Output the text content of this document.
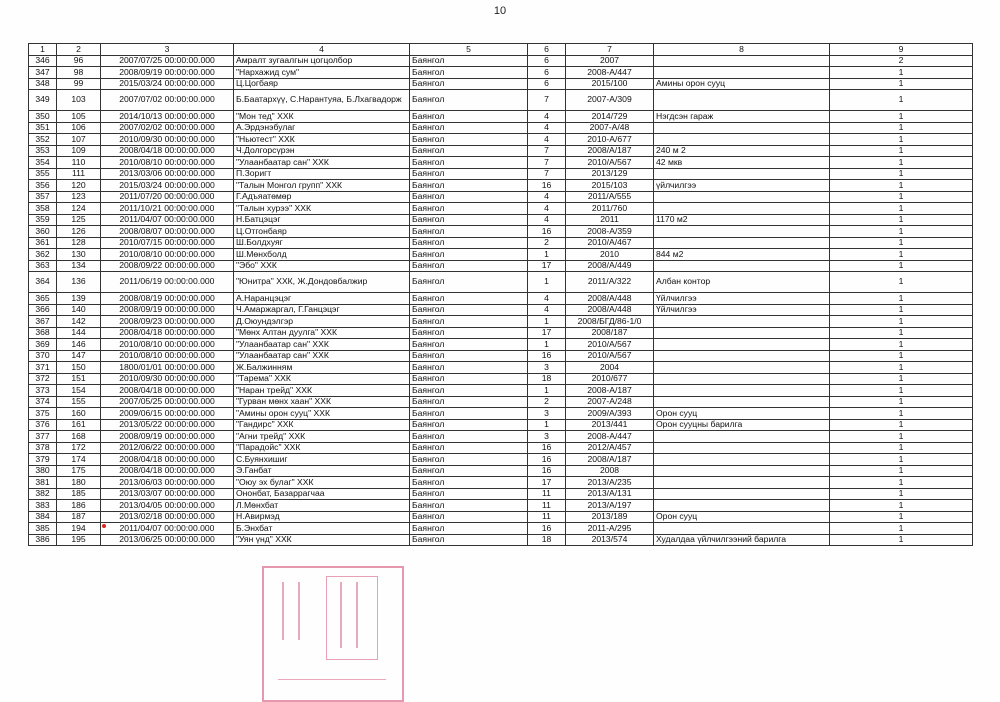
10
1	2	3	4	5	6	7	8	9
346	96	2007/07/25 00:00:00.000	Амралт зугаалгын цогцолбор	Баянгол	6	2007		2
347	98	2008/09/19 00:00:00.000	"Нархажид сум"	Баянгол	6	2008-А/447		1
348	99	2015/03/24 00:00:00.000	Ц.Цогбаяр	Баянгол	6	2015/100	Амины орон сууц	1
349	103	2007/07/02 00:00:00.000	Б.Баатархүү, С.Нарантуяа, Б.Лхагвадорж	Баянгол	7	2007-А/309		1
350	105	2014/10/13 00:00:00.000	"Мон тед" ХХК	Баянгол	4	2014/729	Нэгдсэн гараж	1
351	106	2007/02/02 00:00:00.000	А.Эрдэнэбулаг	Баянгол	4	2007-А/48		1
352	107	2010/09/30 00:00:00.000	"Ньютест" ХХК	Баянгол	4	2010-А/677		1
353	109	2008/04/18 00:00:00.000	Ч.Долгорсүрэн	Баянгол	7	2008/А/187	240 м 2	1
354	110	2010/08/10 00:00:00.000	"Улаанбаатар сан" ХХК	Баянгол	7	2010/А/567	42 мкв	1
355	111	2013/03/06 00:00:00.000	П.Зоригт	Баянгол	7	2013/129		1
356	120	2015/03/24 00:00:00.000	"Талын Монгол групп" ХХК	Баянгол	16	2015/103	үйлчилгээ	1
357	123	2011/07/20 00:00:00.000	Г.Адъяатөмөр	Баянгол	4	2011/А/555		1
358	124	2011/10/21 00:00:00.000	"Талын хурээ" ХХК	Баянгол	4	2011/760		1
359	125	2011/04/07 00:00:00.000	Н.Батцэцэг	Баянгол	4	2011	1170 м2	1
360	126	2008/08/07 00:00:00.000	Ц.Отгонбаяр	Баянгол	16	2008-А/359		1
361	128	2010/07/15 00:00:00.000	Ш.Болдхуяг	Баянгол	2	2010/А/467		1
362	130	2010/08/10 00:00:00.000	Ш.Мөнхболд	Баянгол	1	2010	844 м2	1
363	134	2008/09/22 00:00:00.000	"Эбо" ХХК	Баянгол	17	2008/А/449		1
364	136	2011/06/19 00:00:00.000	"Юнитра" ХХК, Ж.Дондовбалжир	Баянгол	1	2011/А/322	Албан контор	1
365	139	2008/08/19 00:00:00.000	А.Наранцэцэг	Баянгол	4	2008/А/448	Үйлчилгээ	1
366	140	2008/09/19 00:00:00.000	Ч.Амаржаргал, Г.Ганцэцэг	Баянгол	4	2008/А/448	Үйлчилгээ	1
367	142	2008/09/23 00:00:00.000	Д.Оюундэлгэр	Баянгол	1	2008/БГД/86-1/0		1
368	144	2008/04/18 00:00:00.000	"Мөнх Алтан дуулга" ХХК	Баянгол	17	2008/187		1
369	146	2010/08/10 00:00:00.000	"Улаанбаатар сан" ХХК	Баянгол	1	2010/А/567		1
370	147	2010/08/10 00:00:00.000	"Улаанбаатар сан" ХХК	Баянгол	16	2010/А/567		1
371	150	1800/01/01 00:00:00.000	Ж.Балжинням	Баянгол	3	2004		1
372	151	2010/09/30 00:00:00.000	"Тарема" ХХК	Баянгол	18	2010/677		1
373	154	2008/04/18 00:00:00.000	"Наран трейд" ХХК	Баянгол	1	2008-А/187		1
374	155	2007/05/25 00:00:00.000	"Гурван мөнх хаан" ХХК	Баянгол	2	2007-А/248		1
375	160	2009/06/15 00:00:00.000	"Амины орон сууц" ХХК	Баянгол	3	2009/А/393	Орон сууц	1
376	161	2013/05/22 00:00:00.000	"Гандирс" ХХК	Баянгол	1	2013/441	Орон сууцны барилга	1
377	168	2008/09/19 00:00:00.000	"Агни трейд" ХХК	Баянгол	3	2008-А/447		1
378	172	2012/06/22 00:00:00.000	"Парадойс" ХХК	Баянгол	16	2012/А/457		1
379	174	2008/04/18 00:00:00.000	С.Буянхишиг	Баянгол	16	2008/А/187		1
380	175	2008/04/18 00:00:00.000	Э.Ганбат	Баянгол	16	2008		1
381	180	2013/06/03 00:00:00.000	"Оюу эх булаг" ХХК	Баянгол	17	2013/А/235		1
382	185	2013/03/07 00:00:00.000	Ононбат, Базаррагчаа	Баянгол	11	2013/А/131		1
383	186	2013/04/05 00:00:00.000	Л.Мөнхбат	Баянгол	11	2013/А/197		1
384	187	2013/02/18 00:00:00.000	Н.Авирмэд	Баянгол	11	2013/189	Орон сууц	1
385	194	2011/04/07 00:00:00.000	Б.Энхбат	Баянгол	16	2011-А/295		1
386	195	2013/06/25 00:00:00.000	"Уян үнд" ХХК	Баянгол	18	2013/574	Худалдаа үйлчилгээний барилга	1
